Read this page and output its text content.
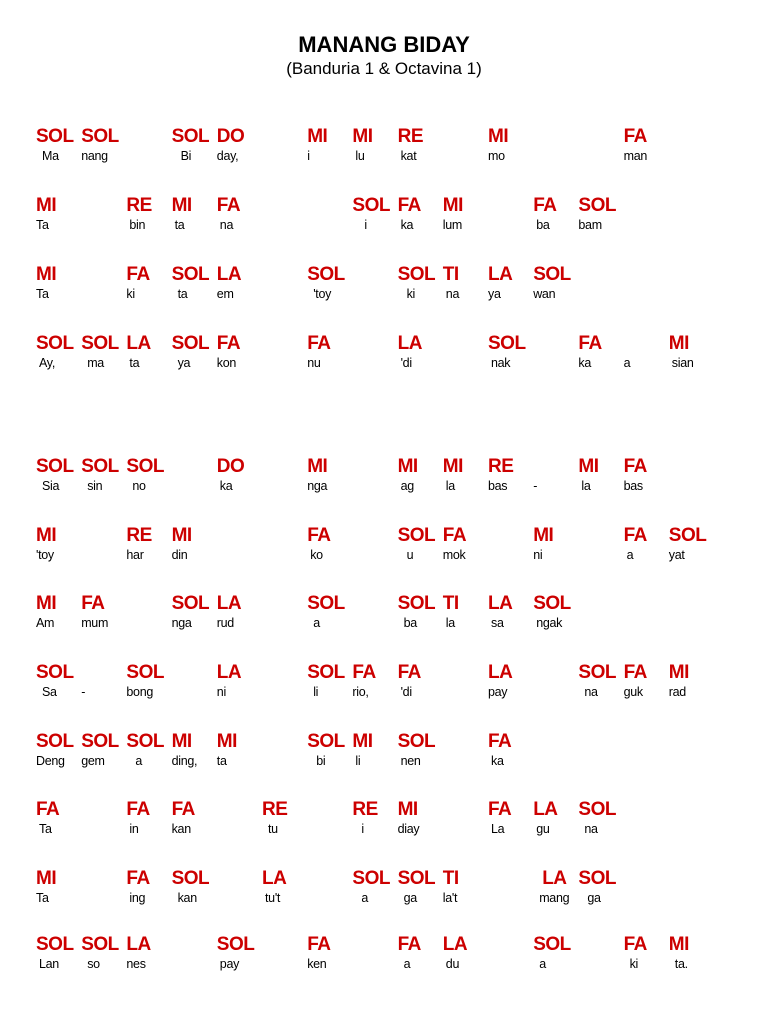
MANANG BIDAY
(Banduria 1 & Octavina 1)
SOL
Ma
SOL
nang
SOL
Bi
DO
day,
MI
i
MI
lu
RE
kat
MI
mo
FA
man
MI
Ta
RE
bin
MI
ta
FA
na
SOL
i
FA
ka
MI
lum
FA
ba
SOL
bam
MI
Ta
FA
ki
SOL
ta
LA
em
SOL
'toy
SOL
ki
TI
na
LA
ya
SOL
wan
SOL
Ay,
SOL
ma
LA
ta
SOL
ya
FA
kon
FA
nu
LA
'di
SOL
nak
FA
ka	a
MI
sian
SOL
Sia
SOL
sin
SOL
no
DO
ka
MI
nga
MI
ag
MI
la
RE
bas -
MI
la
FA
bas
MI
'toy
RE
har
MI
din
FA
ko
SOL
u
FA
mok
MI
ni
FA
a
SOL
yat
MI
Am
FA
mum
SOL
nga
LA
rud
SOL
a
SOL
ba
TI
la
LA
sa
SOL
ngak
SOL
Sa -
SOL
bong
LA
ni
SOL
li
FA
rio,
FA
'di
LA
pay
SOL
na
FA
guk
MI
rad
SOL
Deng
SOL
gem
SOL
a
MI
ding,
MI
ta
SOL
bi
MI
li
SOL
nen
FA
ka
FA
Ta
FA
in
FA
kan
RE
tu
RE
i
MI
diay
FA
La
LA
gu
SOL
na
MI
Ta
FA
ing
SOL
kan
LA
tu't
SOL
a
SOL
ga
TI
la't
LA
mang
SOL
ga
SOL
Lan
SOL
so
LA
nes
SOL
pay
FA
ken
FA
a
LA
du
SOL
a
FA
ki
MI
ta.
